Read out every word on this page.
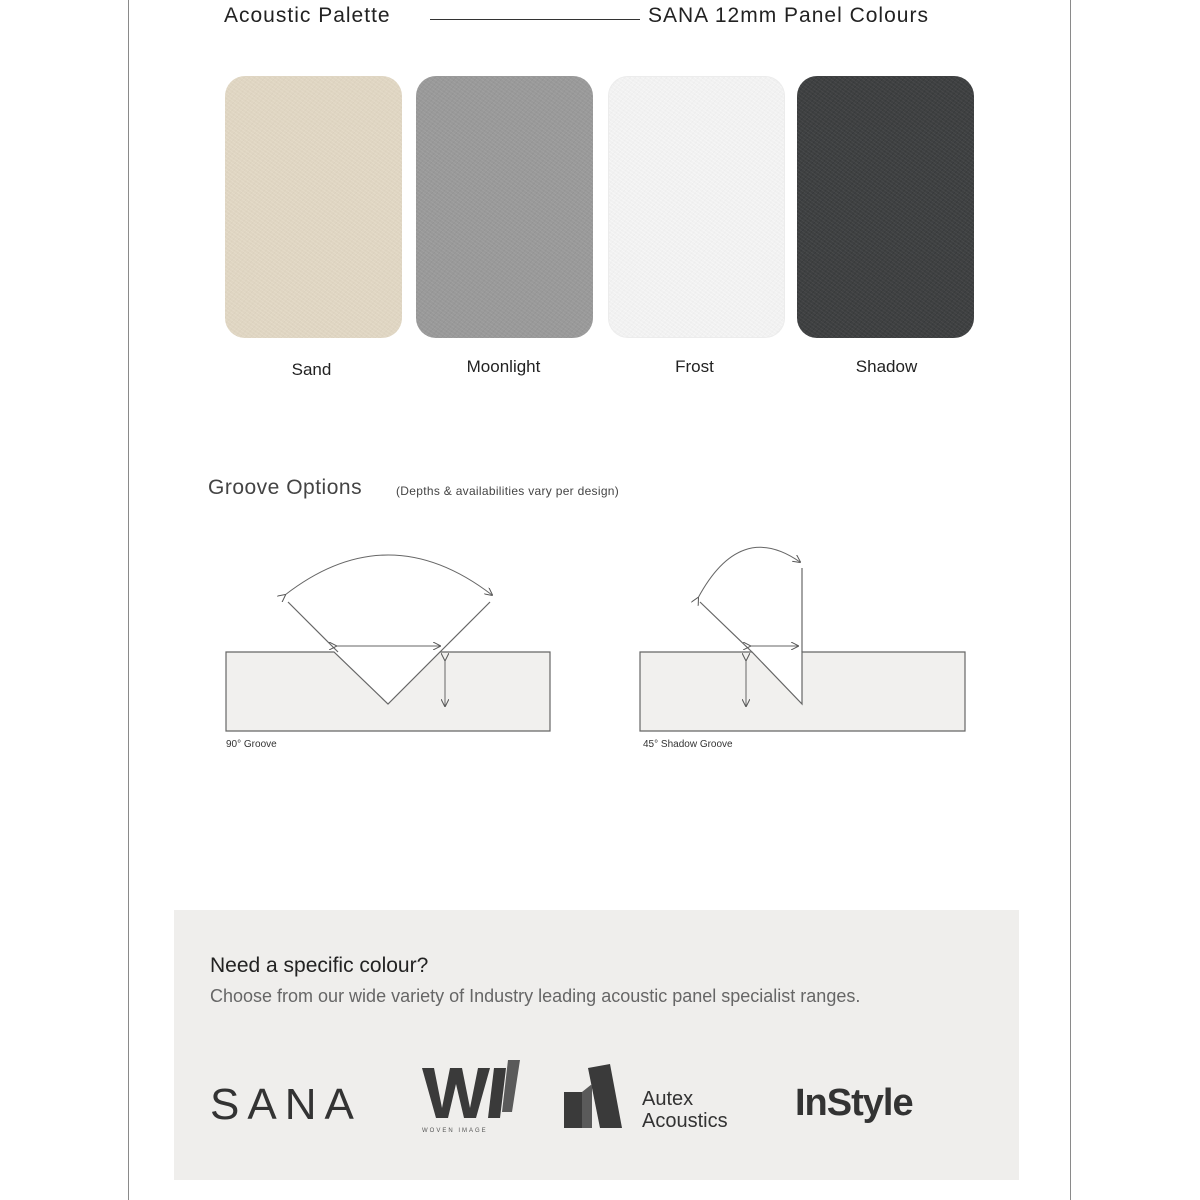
Acoustic Palette	SANA 12mm Panel Colours
Sand	Moonlight	Frost	Shadow
Groove Options	(Depths & availabilities vary per design)
90° Groove	45° Shadow Groove
Need a specific colour?
Choose from our wide variety of Industry leading acoustic panel specialist ranges.
SANA
WOVEN IMAGE
Autex
Acoustics InStyle
